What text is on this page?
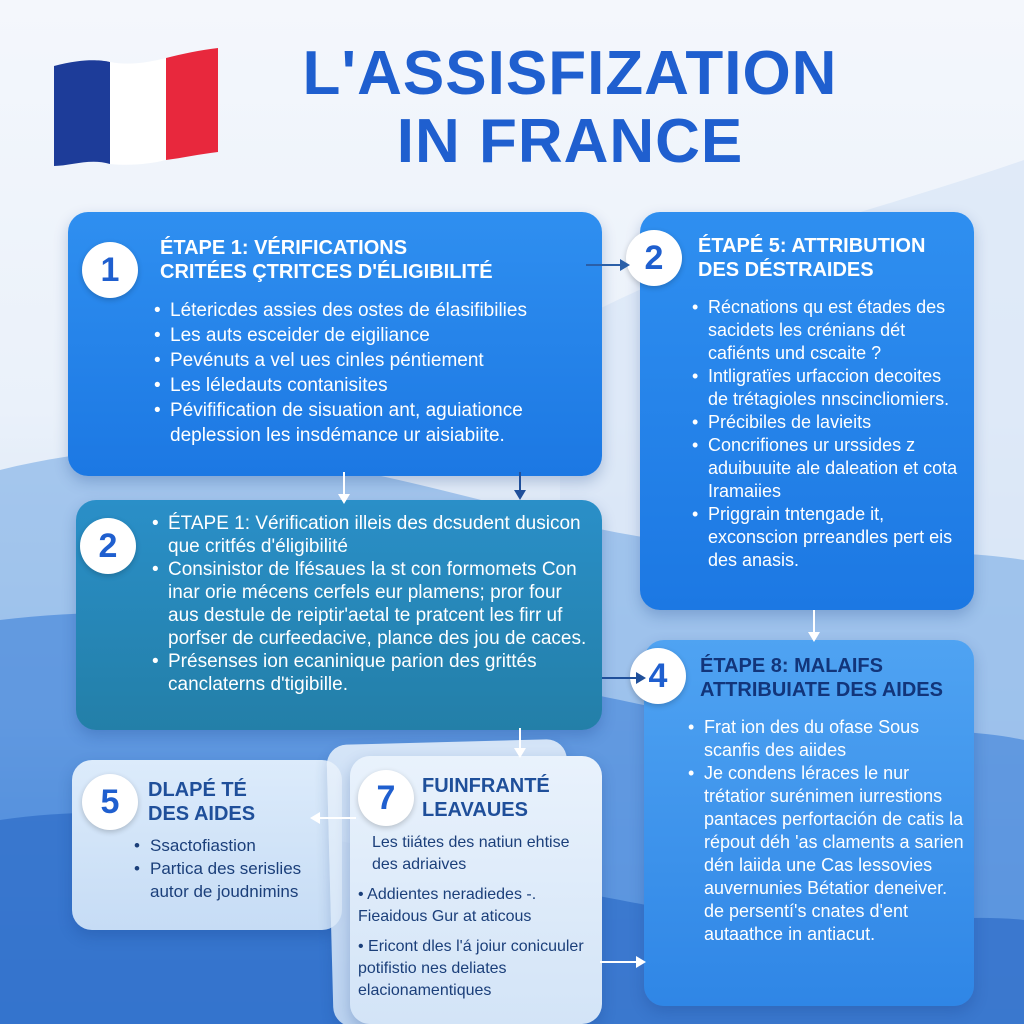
L'ASSISFIZATION
IN FRANCE
1
ÉTAPE 1: VÉRIFICATIONS
CRITÉES ÇTRITCES D'ÉLIGIBILITÉ
• Létericdes assies des ostes de élasifibilies
• Les auts esceider de eigiliance
• Pevénuts a vel ues cinles péntiement
• Les léledauts contanisites
• Pévifification de sisuation ant, aguiationce deplession les insdémance ur aisiabiite.
2	ÉTAPÉ 5: ATTRIBUTION
DES DÉSTRAIDES
• Récnations qu est étades des sacidets les crénians dét cafiénts und cscaite ?
• Intligratïes urfaccion decoites de trétagioles nnscincliomiers.
• Précibiles de lavieits
• Concrifiones ur urssides z aduibuuite ale daleation et cota Iramaiies
• Priggrain tntengade it, exconscion prreandles pert eis des anasis.
2
• ÉTAPE 1: Vérification illeis des dcsudent dusicon que critfés d'éligibilité
• Consinistor de lfésaues la st con formomets Con inar orie mécens cerfels eur plamens; pror four aus destule de reiptir'aetal te pratcent les firr uf porfser de curfeedacive, plance des jou de caces.
• Présenses ion ecaninique parion des grittés canclaterns d'tigibille.	4	ÉTAPE 8: MALAIFS
ATTRIBUIATE DES AIDES
• Frat ion des du ofase Sous scanfis des aiides
• Je condens léraces le nur trétatior surénimen iurrestions pantaces perfortación de catis la répout déh 'as claments a sarien dén laiida une Cas lessovies auvernunies Bétatior deneiver. de persentí's cnates d'ent autaathce in antiacut.
5	DLAPÉ TÉ
DES AIDES
• Ssactofiastion
• Partica des serislies autor de joudnimins
7	FUINFRANTÉ
LEAVAUES
Les tiiátes des natiun ehtise des adriaives
• Addientes neradiedes -. Fieaidous Gur at aticous
• Ericont dles l'á joiur conicuuler potifistio nes deliates elacionamentiques
